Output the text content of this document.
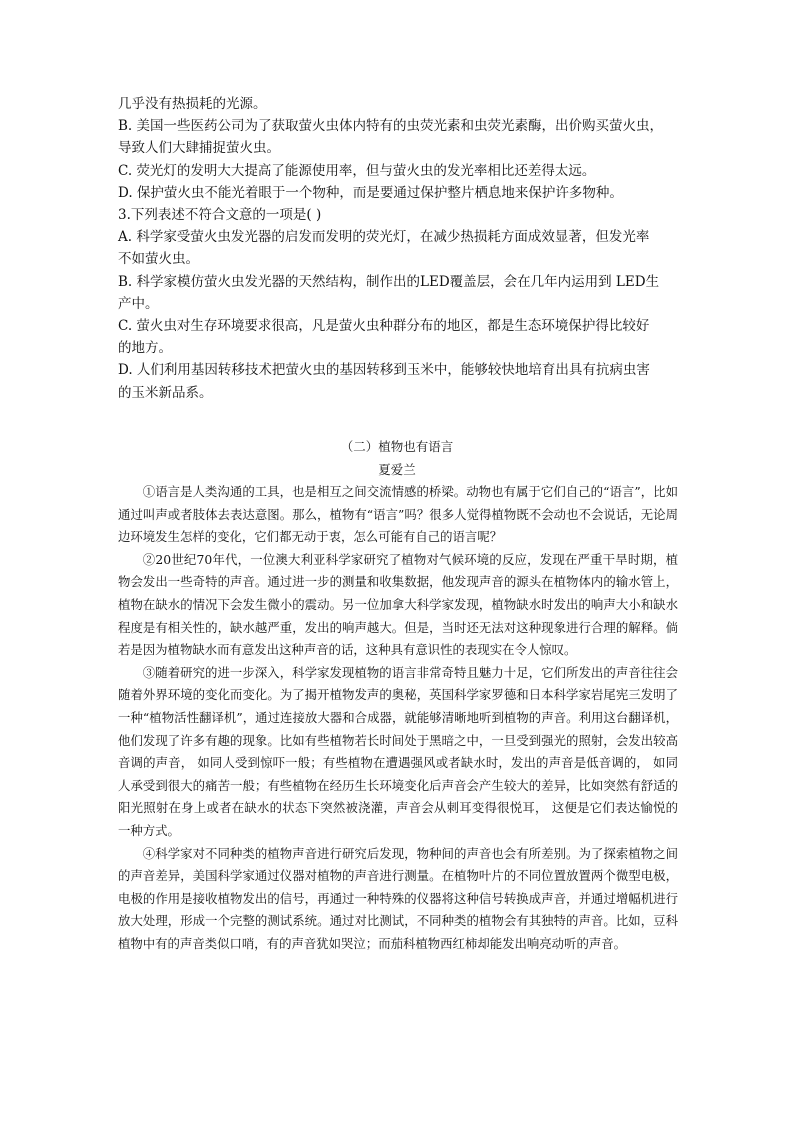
几乎没有热损耗的光源。

B. 美国一些医药公司为了获取萤火虫体内特有的虫荧光素和虫荧光素酶，出价购买萤火虫，

导致人们大肆捕捉萤火虫。

C. 荧光灯的发明大大提高了能源使用率，但与萤火虫的发光率相比还差得太远。

D. 保护萤火虫不能光着眼于一个物种，而是要通过保护整片栖息地来保护许多物种。

3.下列表述不符合文意的一项是( )

A. 科学家受萤火虫发光器的启发而发明的荧光灯，在减少热损耗方面成效显著，但发光率

不如萤火虫。

B. 科学家模仿萤火虫发光器的天然结构，制作出的LED覆盖层，会在几年内运用到 LED生

产中。

C. 萤火虫对生存环境要求很高，凡是萤火虫种群分布的地区，都是生态环境保护得比较好

的地方。

D. 人们利用基因转移技术把萤火虫的基因转移到玉米中，能够较快地培育出具有抗病虫害

的玉米新品系。

（二）植物也有语言
夏爱兰

①语言是人类沟通的工具，也是相互之间交流情感的桥梁。动物也有属于它们自己的“语言”，比如通过叫声或者肢体去表达意图。那么，植物有“语言”吗？很多人觉得植物既不会动也不会说话，无论周边环境发生怎样的变化，它们都无动于衷，怎么可能有自己的语言呢？

②20世纪70年代，一位澳大利亚科学家研究了植物对气候环境的反应，发现在严重干旱时期，植物会发出一些奇特的声音。通过进一步的测量和收集数据，他发现声音的源头在植物体内的输水管上，植物在缺水的情况下会发生微小的震动。另一位加拿大科学家发现，植物缺水时发出的响声大小和缺水程度是有相关性的，缺水越严重，发出的响声越大。但是，当时还无法对这种现象进行合理的解释。倘若是因为植物缺水而有意发出这种声音的话，这种具有意识性的表现实在令人惊叹。

③随着研究的进一步深入，科学家发现植物的语言非常奇特且魅力十足，它们所发出的声音往往会随着外界环境的变化而变化。为了揭开植物发声的奥秘，英国科学家罗德和日本科学家岩尾宪三发明了一种“植物活性翻译机”，通过连接放大器和合成器，就能够清晰地听到植物的声音。利用这台翻译机，他们发现了许多有趣的现象。比如有些植物若长时间处于黑暗之中，一旦受到强光的照射，会发出较高音调的声音， 如同人受到惊吓一般；有些植物在遭遇强风或者缺水时，发出的声音是低音调的， 如同人承受到很大的痛苦一般；有些植物在经历生长环境变化后声音会产生较大的差异，比如突然有舒适的阳光照射在身上或者在缺水的状态下突然被浇灌，声音会从刺耳变得很悦耳， 这便是它们表达愉悦的一种方式。

④科学家对不同种类的植物声音进行研究后发现，物种间的声音也会有所差别。为了探索植物之间的声音差异，美国科学家通过仪器对植物的声音进行测量。在植物叶片的不同位置放置两个微型电极，电极的作用是接收植物发出的信号，再通过一种特殊的仪器将这种信号转换成声音，并通过增幅机进行放大处理，形成一个完整的测试系统。通过对比测试，不同种类的植物会有其独特的声音。比如，豆科植物中有的声音类似口哨，有的声音犹如哭泣；而茄科植物西红柿却能发出响亮动听的声音。
